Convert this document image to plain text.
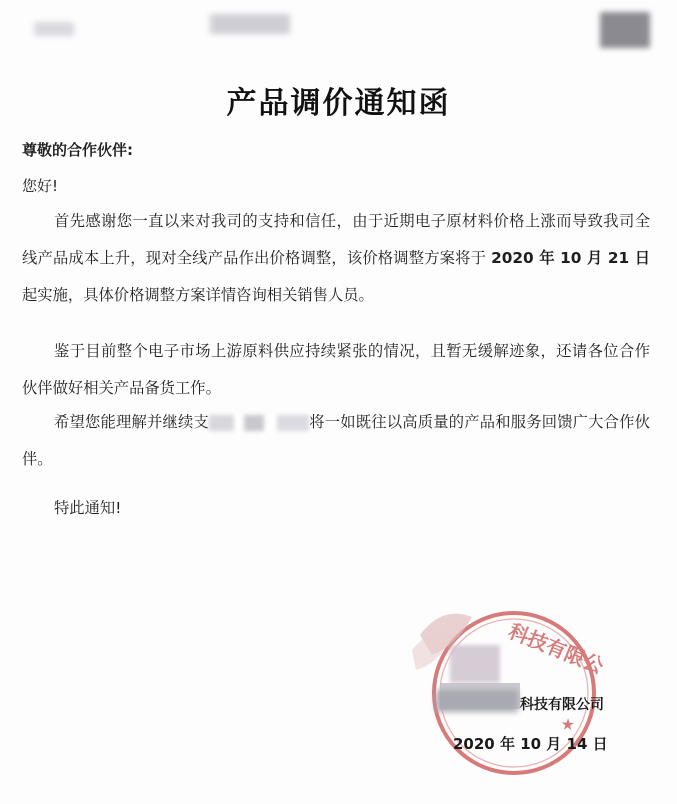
产品调价通知函
尊敬的合作伙伴:
您好!

首先感谢您一直以来对我司的支持和信任，由于近期电子原材料价格上涨而导致我司全线产品成本上升，现对全线产品作出价格调整，该价格调整方案将于 2020 年 10 月 21 日起实施，具体价格调整方案详情咨询相关销售人员。

鉴于目前整个电子市场上游原料供应持续紧张的情况，且暂无缓解迹象，还请各位合作伙伴做好相关产品备货工作。

希望您能理解并继续支	将一如既往以高质量的产品和服务回馈广大合作伙伴。

特此通知!

科技有限公
★
科技有限公司
2020 年 10 月 14 日
